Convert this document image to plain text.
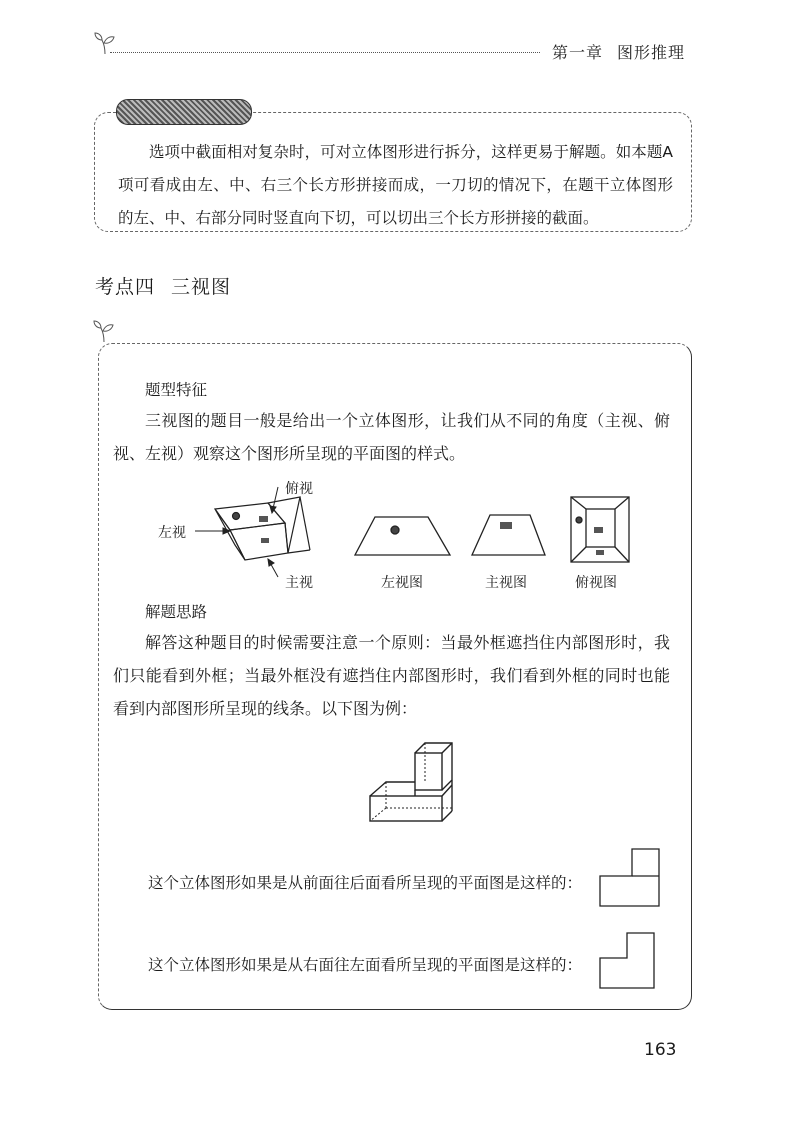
第一章 图形推理
选项中截面相对复杂时，可对立体图形进行拆分，这样更易于解题。如本题A项可看成由左、中、右三个长方形拼接而成，一刀切的情况下，在题干立体图形的左、中、右部分同时竖直向下切，可以切出三个长方形拼接的截面。
考点四 三视图
题型特征
三视图的题目一般是给出一个立体图形，让我们从不同的角度（主视、俯视、左视）观察这个图形所呈现的平面图的样式。
左视
俯视
主视	左视图	主视图	俯视图
解题思路
解答这种题目的时候需要注意一个原则：当最外框遮挡住内部图形时，我们只能看到外框；当最外框没有遮挡住内部图形时，我们看到外框的同时也能看到内部图形所呈现的线条。以下图为例：
这个立体图形如果是从前面往后面看所呈现的平面图是这样的：
这个立体图形如果是从右面往左面看所呈现的平面图是这样的：
163
